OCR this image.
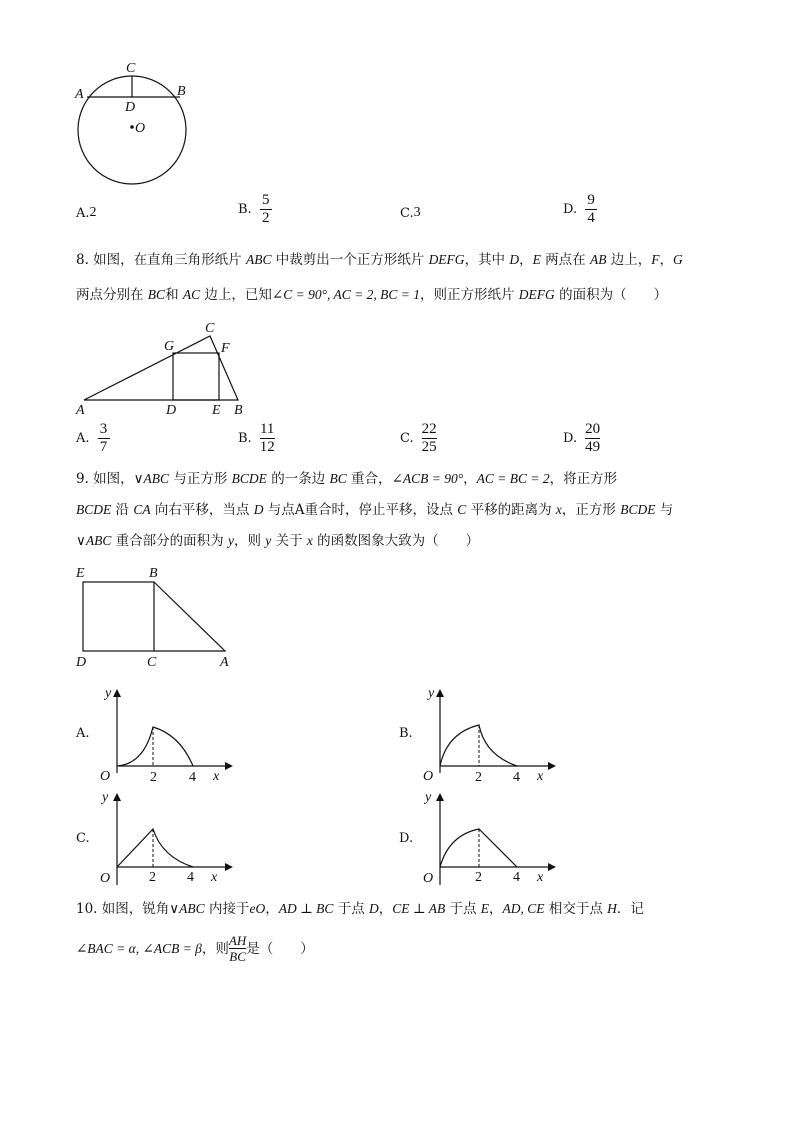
A	B
C
D
O
A. 2	B. $\frac{5}{2}$	C. 3	D. $\frac{9}{4}$
8. 如图，在直角三角形纸片 ABC 中裁剪出一个正方形纸片 DEFG，其中 D，E 两点在 AB 边上，F，G
两点分别在 BC和 AC 边上，已知∠C = 90°, AC = 2, BC = 1，则正方形纸片 DEFG 的面积为（　　）
A	D	E B
C
G	F
A. $\frac{3}{7}$	B. $\frac{11}{12}$	C. $\frac{22}{25}$	D. $\frac{20}{49}$
9. 如图，∨ABC 与正方形 BCDE 的一条边 BC 重合，∠ACB = 90°，AC = BC = 2，将正方形
BCDE 沿 CA 向右平移，当点 D 与点A重合时，停止平移，设点 C 平移的距离为 x，正方形 BCDE 与
∨ABC 重合部分的面积为 y，则 y 关于 x 的函数图象大致为（　　）
E	B
D	C	A
A.
y
O	2 4 x
B.
y
O	2 4 x
C.
y
O	2 4 x
D.
y
O	2 4 x
10. 如图，锐角∨ABC 内接于eO，AD ⊥ BC 于点 D，CE ⊥ AB 于点 E，AD, CE 相交于点 H．记
∠BAC = α, ∠ACB = β ，则 $\frac{AH}{BC}$ 是（　　）
